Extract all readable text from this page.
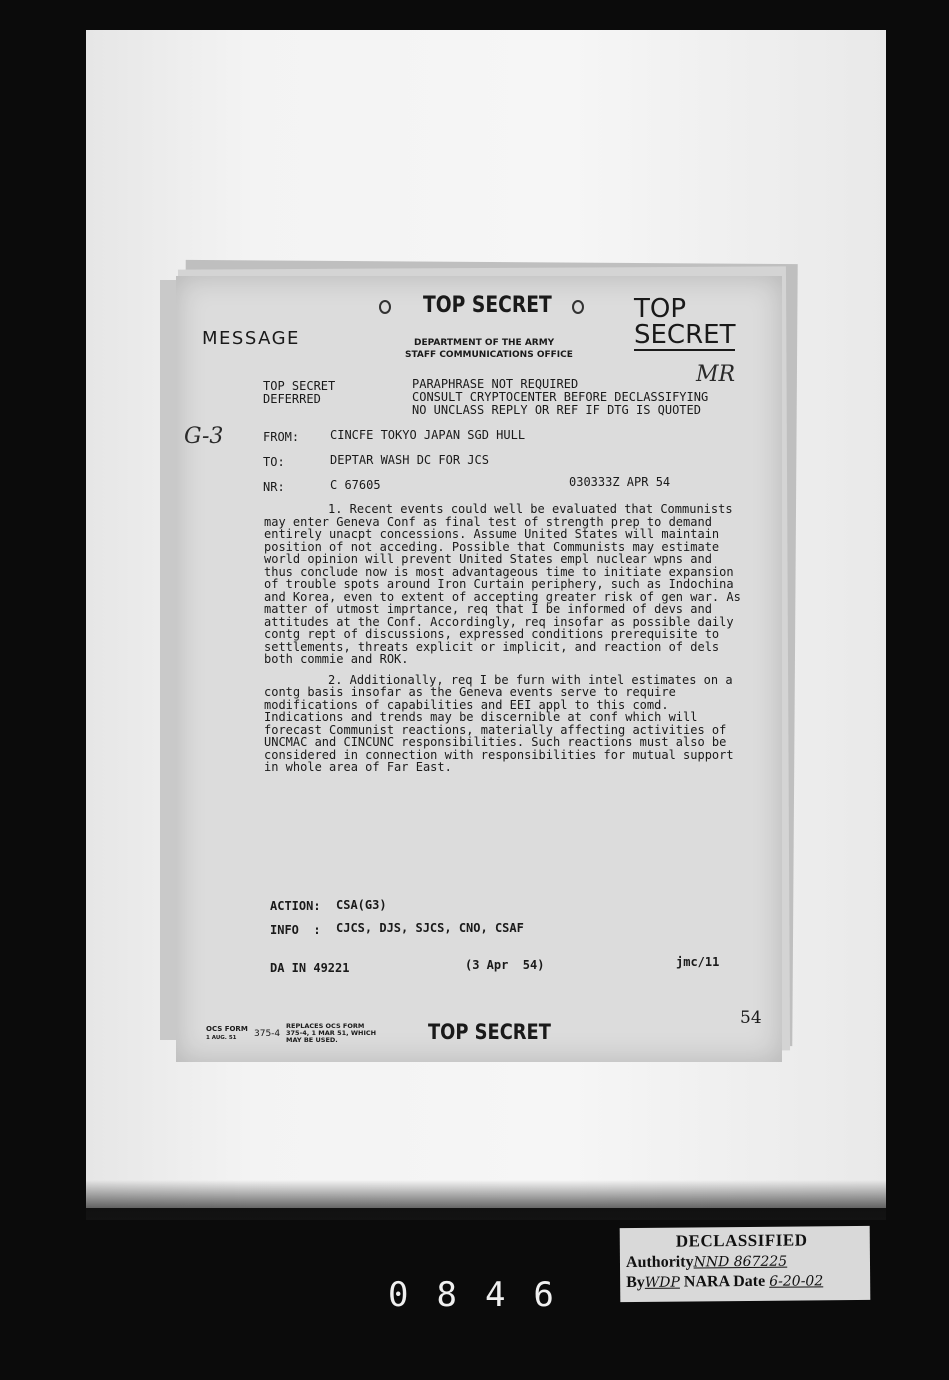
TOP SECRET	TOP
SECRET
MESSAGE	DEPARTMENT OF THE ARMY
STAFF COMMUNICATIONS OFFICE
TOP SECRET
DEFERRED
PARAPHRASE NOT REQUIRED
CONSULT CRYPTOCENTER BEFORE DECLASSIFYING
NO UNCLASS REPLY OR REF IF DTG IS QUOTED
MR
G-3	FROM:	CINCFE TOKYO JAPAN SGD HULL
TO:	DEPTAR WASH DC FOR JCS
NR:	C 67605	030333Z APR 54

1. Recent events could well be evaluated that Communists may enter Geneva Conf as final test of strength prep to demand entirely unacpt concessions. Assume United States will maintain position of not acceding. Possible that Communists may estimate world opinion will prevent United States empl nuclear wpns and thus conclude now is most advantageous time to initiate expansion of trouble spots around Iron Curtain periphery, such as Indochina and Korea, even to extent of accepting greater risk of gen war. As matter of utmost imprtance, req that I be informed of devs and attitudes at the Conf. Accordingly, req insofar as possible daily contg rept of discussions, expressed conditions prerequisite to settlements, threats explicit or implicit, and reaction of dels both commie and ROK.

2. Additionally, req I be furn with intel estimates on a contg basis insofar as the Geneva events serve to require modifications of capabilities and EEI appl to this comd. Indications and trends may be discernible at conf which will forecast Communist reactions, materially affecting activities of UNCMAC and CINCUNC responsibilities. Such reactions must also be considered in connection with responsibilities for mutual support in whole area of Far East.

ACTION: CSA(G3)
INFO  : CJCS, DJS, SJCS, CNO, CSAF
DA IN 49221	(3 Apr  54)	jmc/11
OCS FORM
1 AUG. 51	375-4
REPLACES OCS FORM
375-4, 1 MAR 51, WHICH
MAY BE USED.	TOP SECRET
54
DECLASSIFIED
AuthorityNND 867225
ByWDP NARA Date 6-20-02
0846
